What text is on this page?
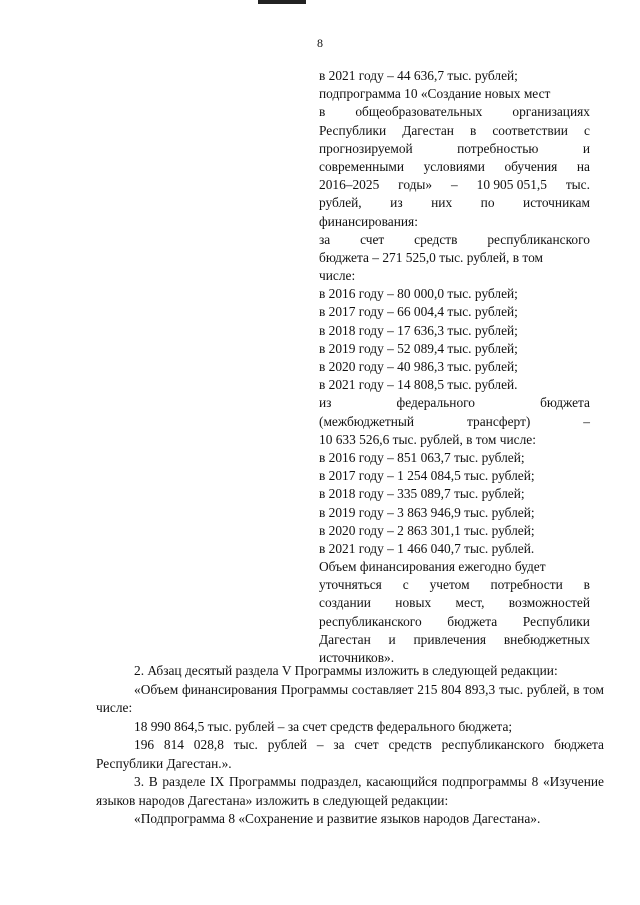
8
в 2021 году – 44 636,7 тыс. рублей;
подпрограмма 10 «Создание новых мест
в общеобразовательных организациях
Республики Дагестан в соответствии с
прогнозируемой	потребностью	и
современными условиями обучения на
2016–2025 годы» – 10 905 051,5 тыс.
рублей, из них по источникам
финансирования:
за счет средств республиканского
бюджета – 271 525,0 тыс. рублей, в том
числе:
в 2016 году – 80 000,0 тыс. рублей;
в 2017 году – 66 004,4 тыс. рублей;
в 2018 году – 17 636,3 тыс. рублей;
в 2019 году – 52 089,4 тыс. рублей;
в 2020 году – 40 986,3 тыс. рублей;
в 2021 году – 14 808,5 тыс. рублей.
из	федерального	бюджета
(межбюджетный	трансферт)	–
10 633 526,6 тыс. рублей, в том числе:
в 2016 году – 851 063,7 тыс. рублей;
в 2017 году – 1 254 084,5 тыс. рублей;
в 2018 году – 335 089,7 тыс. рублей;
в 2019 году – 3 863 946,9 тыс. рублей;
в 2020 году – 2 863 301,1 тыс. рублей;
в 2021 году – 1 466 040,7 тыс. рублей.
Объем финансирования ежегодно будет
уточняться с учетом потребности в
создании новых мест, возможностей
республиканского бюджета Республики
Дагестан и привлечения внебюджетных
источников».

2. Абзац десятый раздела V Программы изложить в следующей редакции:

«Объем финансирования Программы составляет 215 804 893,3 тыс. рублей, в том числе:

18 990 864,5 тыс. рублей – за счет средств федерального бюджета;

196 814 028,8 тыс. рублей – за счет средств республиканского бюджета Республики Дагестан.».

3. В разделе IX Программы подраздел, касающийся подпрограммы 8 «Изучение языков народов Дагестана» изложить в следующей редакции:

«Подпрограмма 8 «Сохранение и развитие языков народов Дагестана».
